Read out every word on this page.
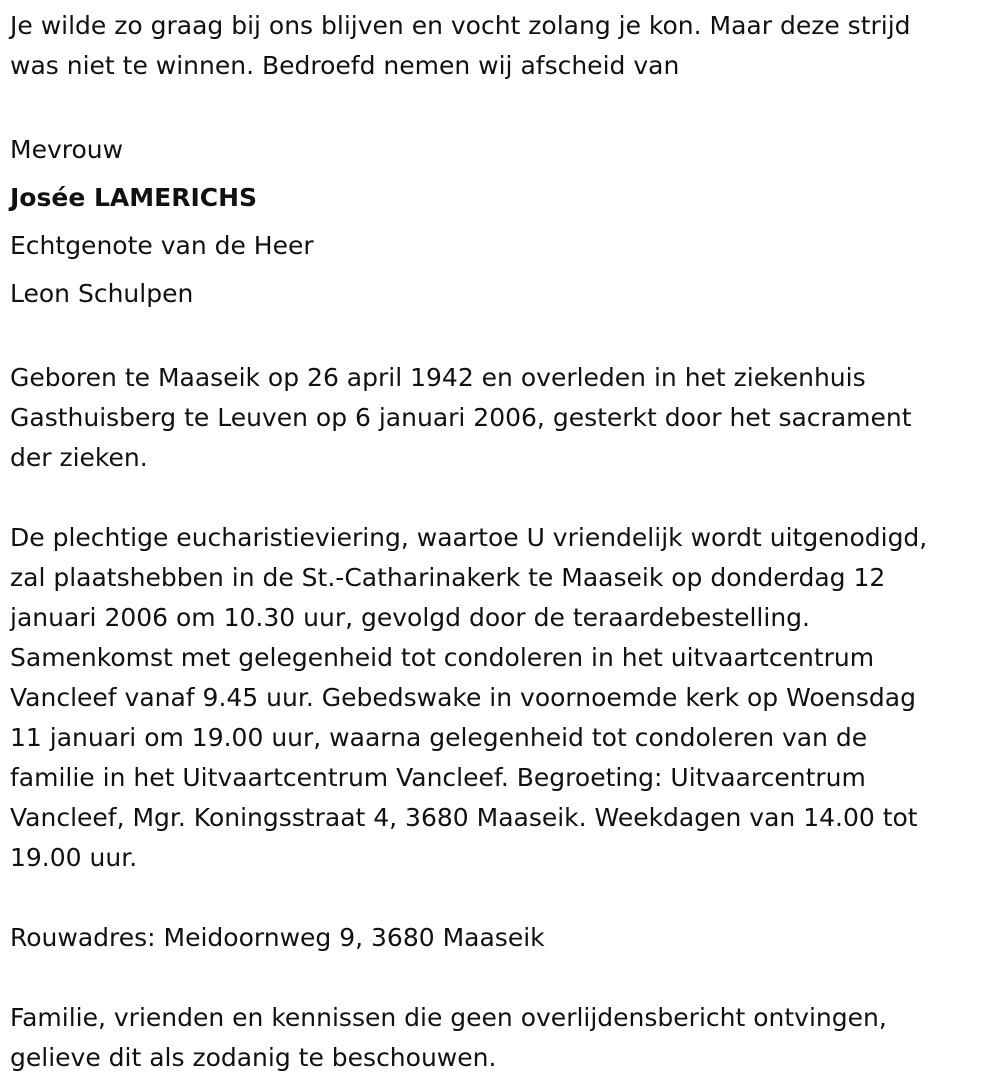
Je wilde zo graag bij ons blijven en vocht zolang je kon. Maar deze strijd
was niet te winnen. Bedroefd nemen wij afscheid van
Mevrouw
Josée LAMERICHS
Echtgenote van de Heer
Leon Schulpen
Geboren te Maaseik op 26 april 1942 en overleden in het ziekenhuis
Gasthuisberg te Leuven op 6 januari 2006, gesterkt door het sacrament
der zieken.
De plechtige eucharistieviering, waartoe U vriendelijk wordt uitgenodigd,
zal plaatshebben in de St.-Catharinakerk te Maaseik op donderdag 12
januari 2006 om 10.30 uur, gevolgd door de teraardebestelling.
Samenkomst met gelegenheid tot condoleren in het uitvaartcentrum
Vancleef vanaf 9.45 uur. Gebedswake in voornoemde kerk op Woensdag
11 januari om 19.00 uur, waarna gelegenheid tot condoleren van de
familie in het Uitvaartcentrum Vancleef. Begroeting: Uitvaarcentrum
Vancleef, Mgr. Koningsstraat 4, 3680 Maaseik. Weekdagen van 14.00 tot
19.00 uur.
Rouwadres: Meidoornweg 9, 3680 Maaseik
Familie, vrienden en kennissen die geen overlijdensbericht ontvingen,
gelieve dit als zodanig te beschouwen.
